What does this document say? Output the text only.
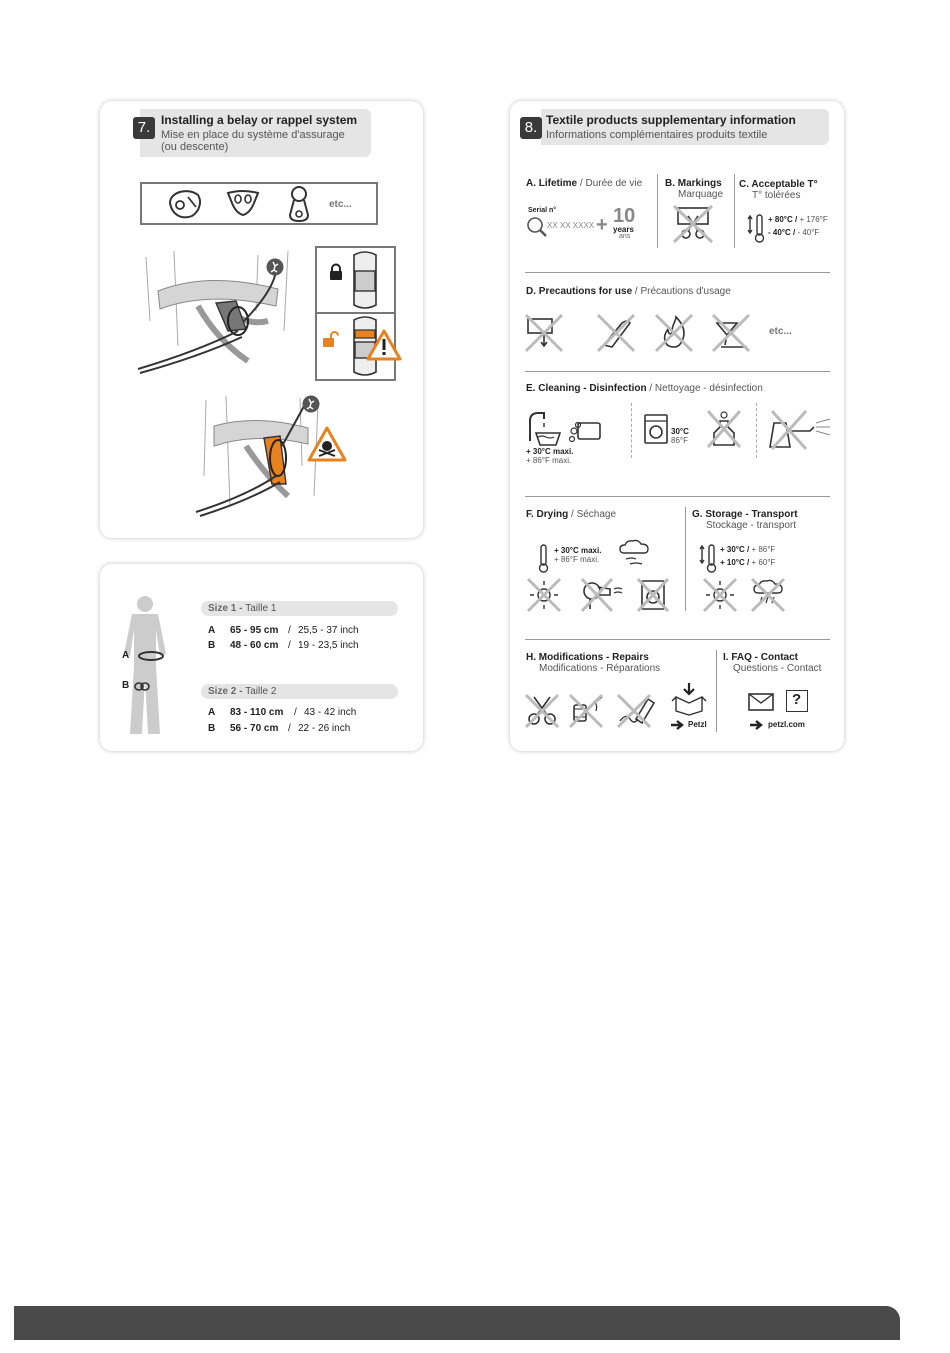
7. Installing a belay or rappel system
Mise en place du système d'assurage
(ou descente)
etc...
A
B
Size 1 - Taille 1
A 65 - 95 cm / 25,5 - 37 inch
B 48 - 60 cm / 19 - 23,5 inch
Size 2 - Taille 2
A 83 - 110 cm / 43 - 42 inch
B 56 - 70 cm / 22 - 26 inch
8. Textile products supplementary information
Informations complémentaires produits textile
A. Lifetime / Durée de vie
Serial n°
XX XX XXXX + 10
years
ans
B. Markings
Marquage
C. Acceptable T°
T° tolérées
+ 80°C / + 176°F
- 40°C / - 40°F
D. Precautions for use / Précautions d'usage
etc...
E. Cleaning - Disinfection / Nettoyage - désinfection
+ 30°C maxi.
+ 86°F maxi.
30°C
86°F
F. Drying / Séchage
+ 30°C maxi.
+ 86°F maxi.
G. Storage - Transport
Stockage - transport
+ 30°C / + 86°F
+ 10°C / + 60°F
H. Modifications - Repairs
Modifications - Réparations
Petzl
I. FAQ - Contact
Questions - Contact
?
petzl.com
